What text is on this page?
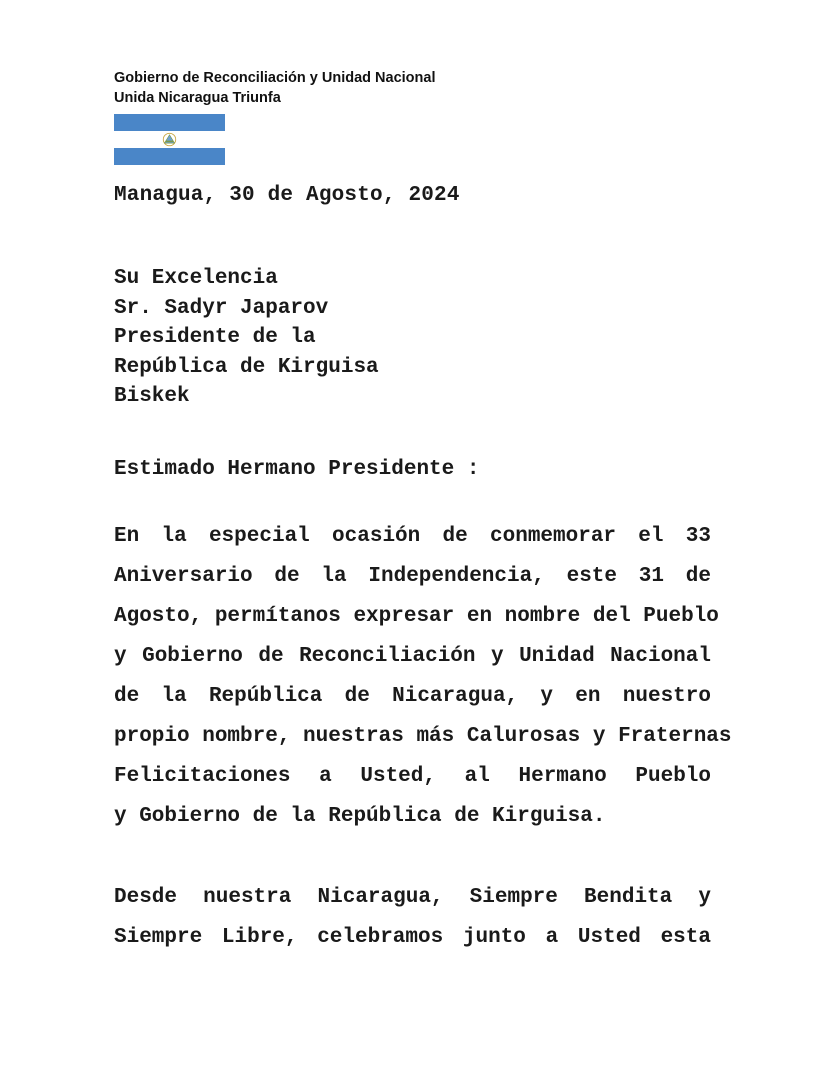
Gobierno de Reconciliación y Unidad Nacional
Unida Nicaragua Triunfa
Managua, 30 de Agosto, 2024
Su Excelencia
Sr. Sadyr Japarov
Presidente de la
República de Kirguisa
Biskek
Estimado Hermano Presidente :
En la especial ocasión de conmemorar el 33
Aniversario de la Independencia, este 31 de
Agosto, permítanos expresar en nombre del Pueblo
y Gobierno de Reconciliación y Unidad Nacional
de la República de Nicaragua, y en nuestro
propio nombre, nuestras más Calurosas y Fraternas
Felicitaciones a Usted, al Hermano Pueblo
y Gobierno de la República de Kirguisa.
Desde nuestra Nicaragua, Siempre Bendita y
Siempre Libre, celebramos junto a Usted esta
